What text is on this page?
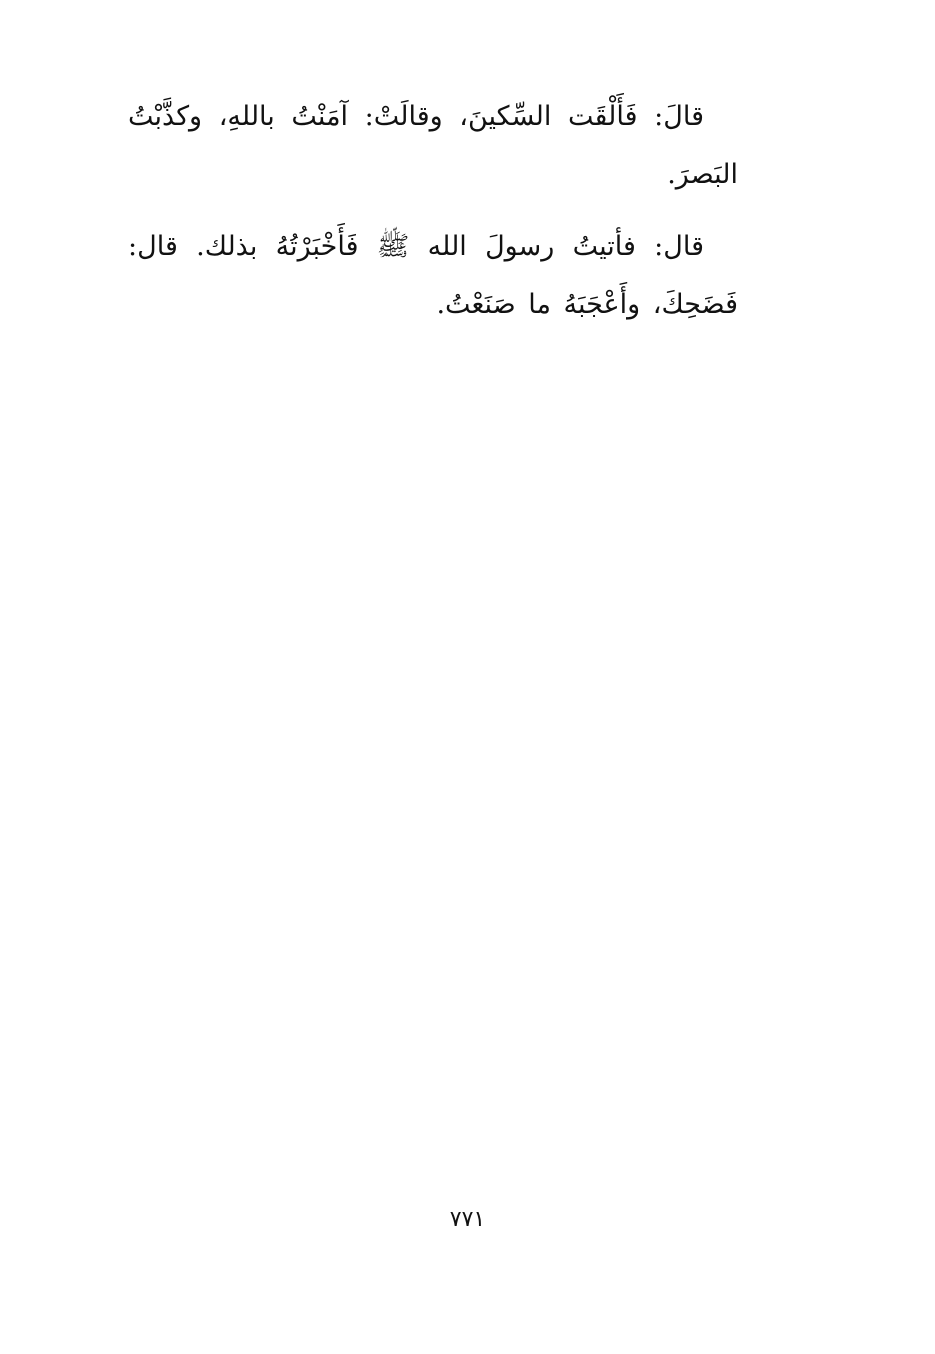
قالَ: فَأَلْقَت السِّكينَ، وقالَتْ: آمَنْتُ باللهِ، وكذَّبْتُ البَصرَ.

قال: فأتيتُ رسولَ الله ﷺ فَأَخْبَرْتُهُ بذلك. قال: فَضَحِكَ، وأَعْجَبَهُ ما صَنَعْتُ.

٧٧١
